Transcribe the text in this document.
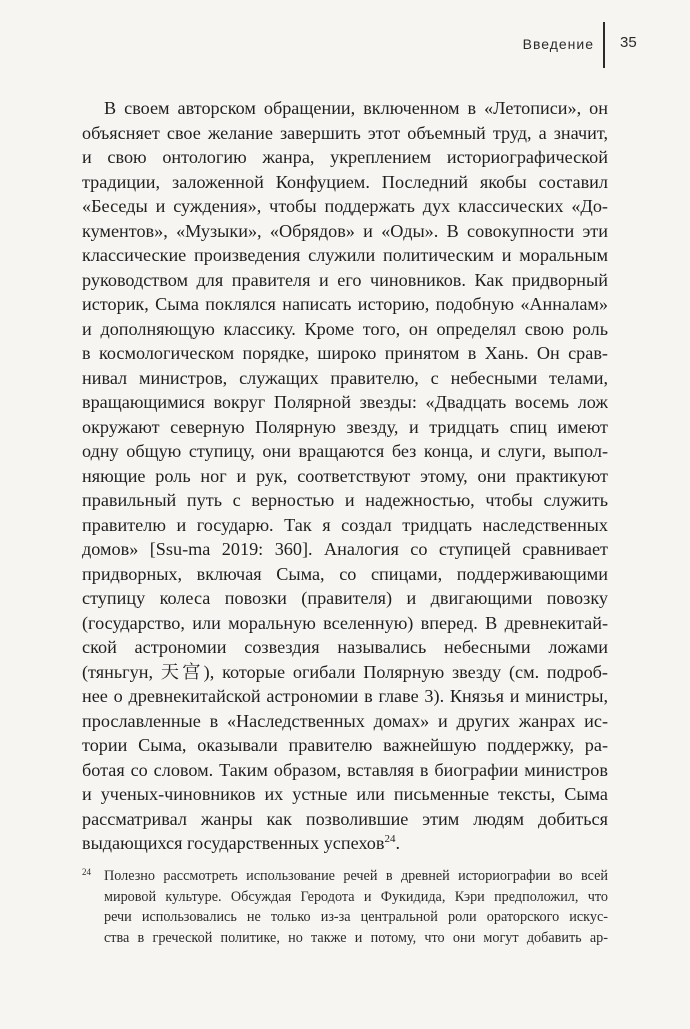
Введение 35
В своем авторском обращении, включенном в «Летописи», он
объясняет свое желание завершить этот объемный труд, а значит,
и свою онтологию жанра, укреплением историографической
традиции, заложенной Конфуцием. Последний якобы составил
«Беседы и суждения», чтобы поддержать дух классических «До-
кументов», «Музыки», «Обрядов» и «Оды». В совокупности эти
классические произведения служили политическим и моральным
руководством для правителя и его чиновников. Как придворный
историк, Сыма поклялся написать историю, подобную «Анналам»
и дополняющую классику. Кроме того, он определял свою роль
в космологическом порядке, широко принятом в Хань. Он срав-
нивал министров, служащих правителю, с небесными телами,
вращающимися вокруг Полярной звезды: «Двадцать восемь лож
окружают северную Полярную звезду, и тридцать спиц имеют
одну общую ступицу, они вращаются без конца, и слуги, выпол-
няющие роль ног и рук, соответствуют этому, они практикуют
правильный путь с верностью и надежностью, чтобы служить
правителю и государю. Так я создал тридцать наследственных
домов» [Ssu-ma 2019: 360]. Аналогия со ступицей сравнивает
придворных, включая Сыма, со спицами, поддерживающими
ступицу колеса повозки (правителя) и двигающими повозку
(государство, или моральную вселенную) вперед. В древнекитай-
ской астрономии созвездия назывались небесными ложами
(тяньгун, 天宫), которые огибали Полярную звезду (см. подроб-
нее о древнекитайской астрономии в главе 3). Князья и министры,
прославленные в «Наследственных домах» и других жанрах ис-
тории Сыма, оказывали правителю важнейшую поддержку, ра-
ботая со словом. Таким образом, вставляя в биографии министров
и ученых-чиновников их устные или письменные тексты, Сыма
рассматривал жанры как позволившие этим людям добиться
выдающихся государственных успехов$^{24}$.
24 Полезно рассмотреть использование речей в древней историографии во всей
мировой культуре. Обсуждая Геродота и Фукидида, Кэри предположил, что
речи использовались не только из-за центральной роли ораторского искус-
ства в греческой политике, но также и потому, что они могут добавить ар-
